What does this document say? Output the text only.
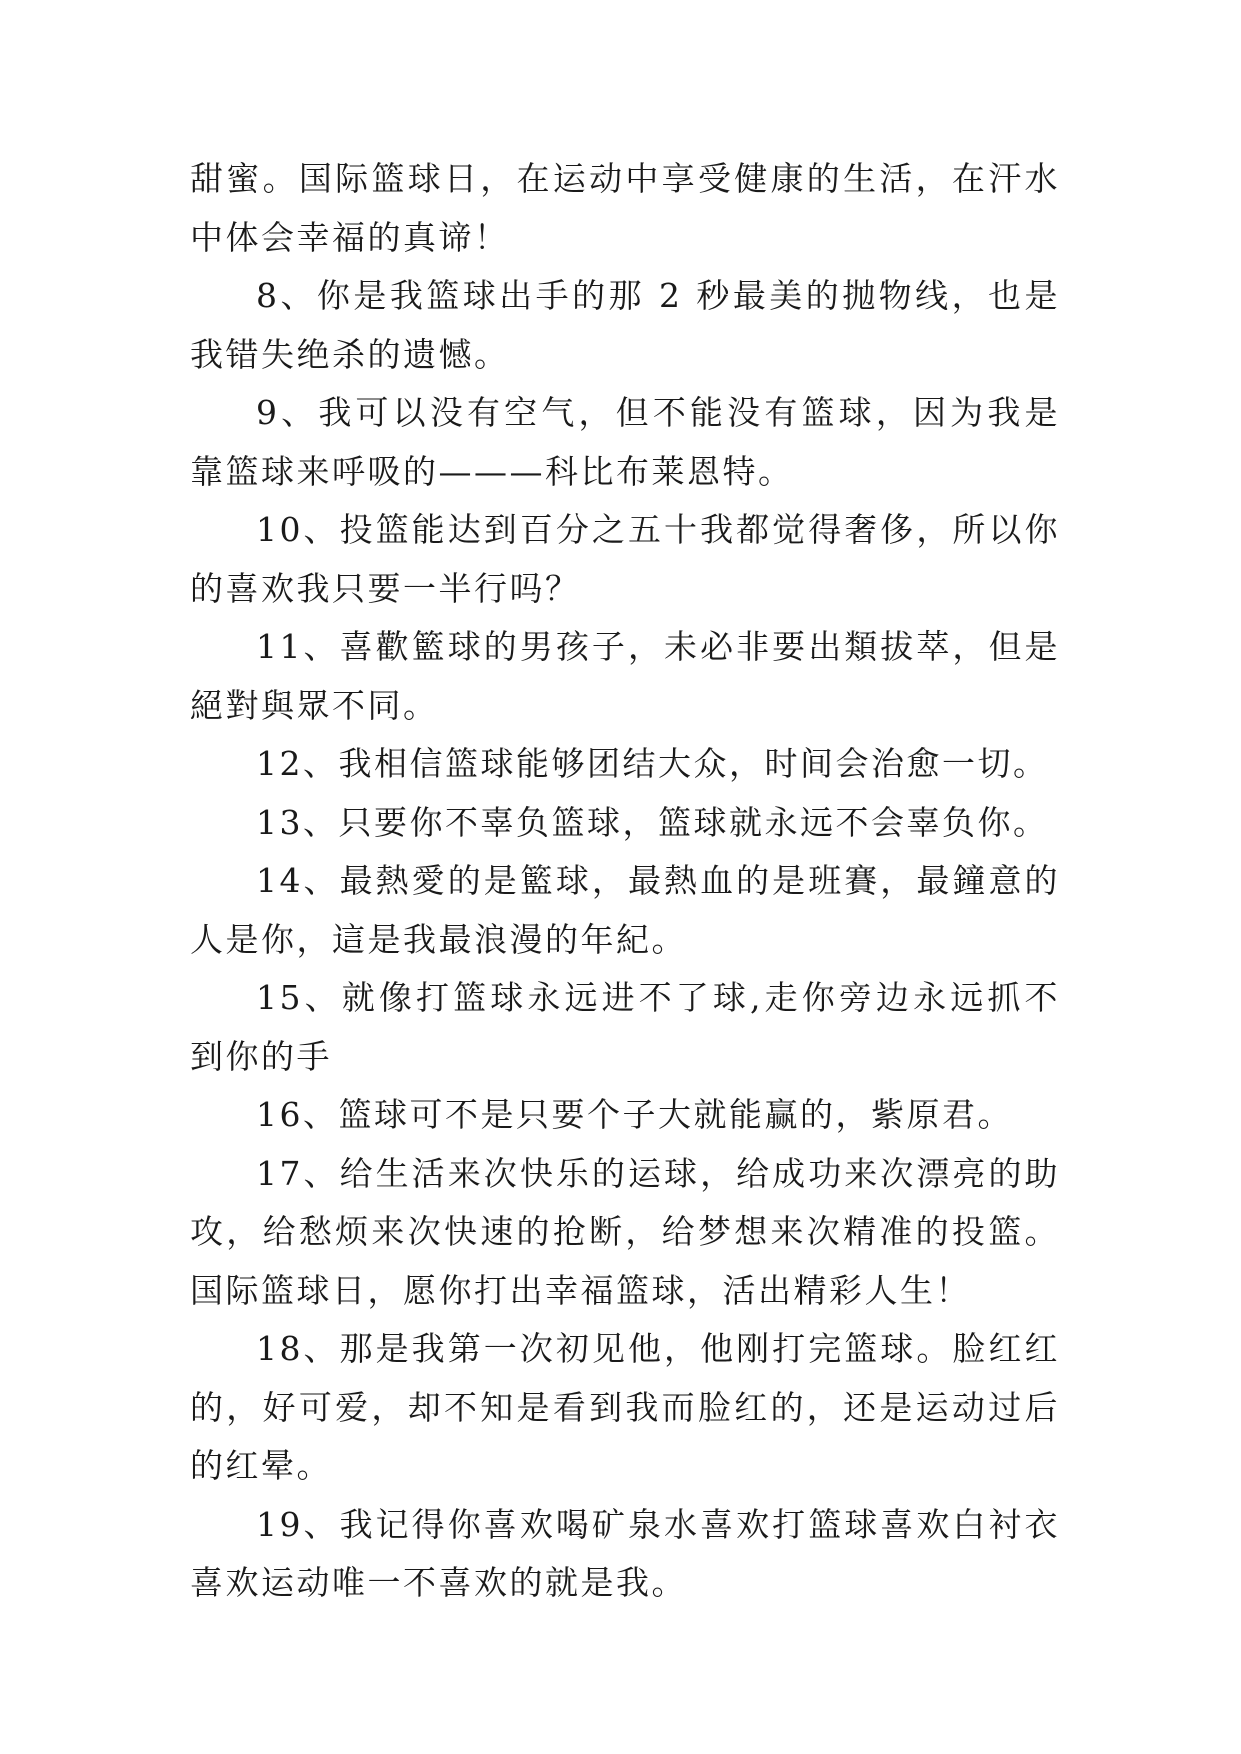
甜蜜。国际篮球日，在运动中享受健康的生活，在汗水中体会幸福的真谛！

8、你是我篮球出手的那 2 秒最美的抛物线，也是我错失绝杀的遗憾。

9、我可以没有空气，但不能没有篮球，因为我是靠篮球来呼吸的———科比布莱恩特。

10、投篮能达到百分之五十我都觉得奢侈，所以你的喜欢我只要一半行吗？

11、喜歡籃球的男孩子，未必非要出類拔萃，但是絕對與眾不同。

12、我相信篮球能够团结大众，时间会治愈一切。

13、只要你不辜负篮球，篮球就永远不会辜负你。

14、最熱愛的是籃球，最熱血的是班賽，最鐘意的人是你，這是我最浪漫的年紀。

15、就像打篮球永远进不了球,走你旁边永远抓不到你的手

16、篮球可不是只要个子大就能赢的，紫原君。

17、给生活来次快乐的运球，给成功来次漂亮的助攻，给愁烦来次快速的抢断，给梦想来次精准的投篮。国际篮球日，愿你打出幸福篮球，活出精彩人生！

18、那是我第一次初见他，他刚打完篮球。脸红红的，好可爱，却不知是看到我而脸红的，还是运动过后的红晕。

19、我记得你喜欢喝矿泉水喜欢打篮球喜欢白衬衣喜欢运动唯一不喜欢的就是我。
